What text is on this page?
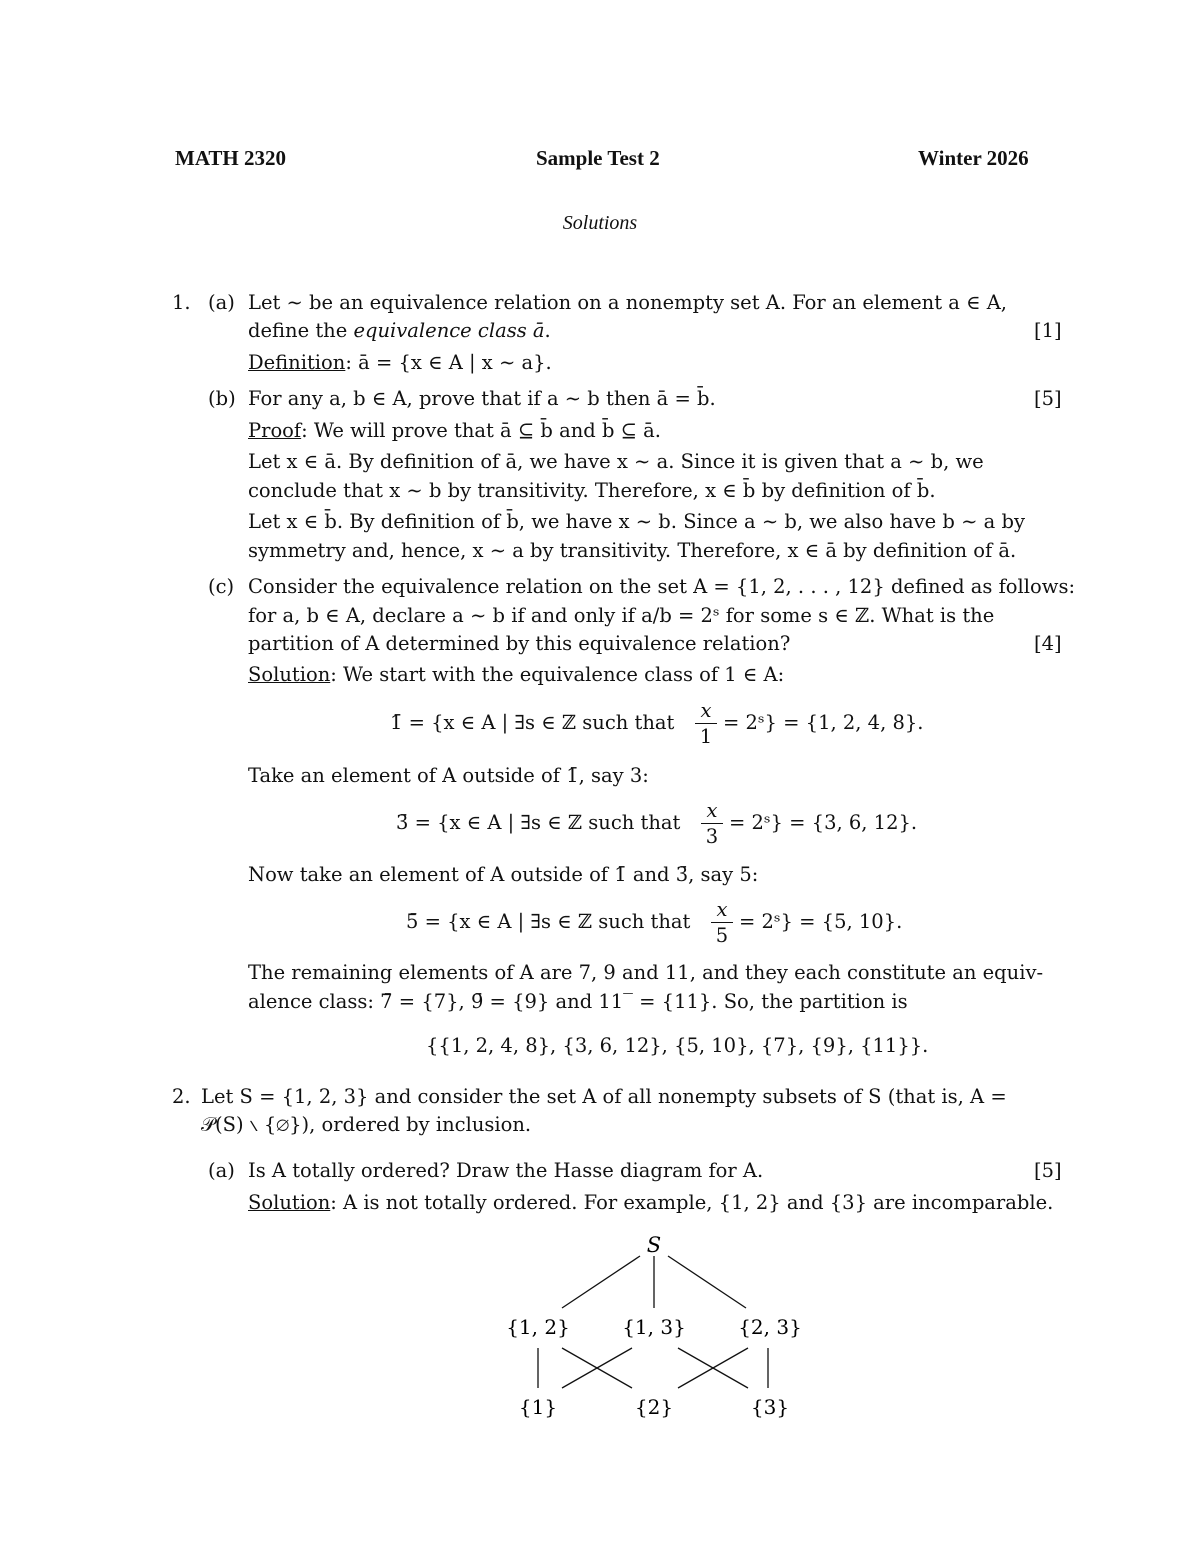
MATH 2320	Sample Test 2	Winter 2026
Solutions
1. (a) Let ∼ be an equivalence relation on a nonempty set A. For an element a ∈ A,
define the equivalence class ā.	[1]
Definition: ā = {x ∈ A | x ∼ a}.
(b) For any a, b ∈ A, prove that if a ∼ b then ā = b̄.	[5]
Proof: We will prove that ā ⊆ b̄ and b̄ ⊆ ā.
Let x ∈ ā. By definition of ā, we have x ∼ a. Since it is given that a ∼ b, we
conclude that x ∼ b by transitivity. Therefore, x ∈ b̄ by definition of b̄.
Let x ∈ b̄. By definition of b̄, we have x ∼ b. Since a ∼ b, we also have b ∼ a by
symmetry and, hence, x ∼ a by transitivity. Therefore, x ∈ ā by definition of ā.
(c) Consider the equivalence relation on the set A = {1, 2, . . . , 12} defined as follows:
for a, b ∈ A, declare a ∼ b if and only if a/b = 2ˢ for some s ∈ ℤ. What is the
partition of A determined by this equivalence relation?	[4]
Solution: We start with the equivalence class of 1 ∈ A:
1̄ = {x ∈ A | ∃s ∈ ℤ such that
x
1
= 2ˢ} = {1, 2, 4, 8}.
Take an element of A outside of 1̄, say 3:
3̄ = {x ∈ A | ∃s ∈ ℤ such that
x
3
= 2ˢ} = {3, 6, 12}.
Now take an element of A outside of 1̄ and 3̄, say 5:
5̄ = {x ∈ A | ∃s ∈ ℤ such that
x
5
= 2ˢ} = {5, 10}.
The remaining elements of A are 7, 9 and 11, and they each constitute an equiv-
alence class: 7̄ = {7}, 9̄ = {9} and 11‾ = {11}. So, the partition is
{{1, 2, 4, 8}, {3, 6, 12}, {5, 10}, {7}, {9}, {11}}.
2. Let S = {1, 2, 3} and consider the set A of all nonempty subsets of S (that is, A =
𝒫(S) ∖ {∅}), ordered by inclusion.
(a) Is A totally ordered? Draw the Hasse diagram for A.	[5]
Solution: A is not totally ordered. For example, {1, 2} and {3} are incomparable.
S
{1, 2}	{1, 3}	{2, 3}
{1}	{2}	{3}
